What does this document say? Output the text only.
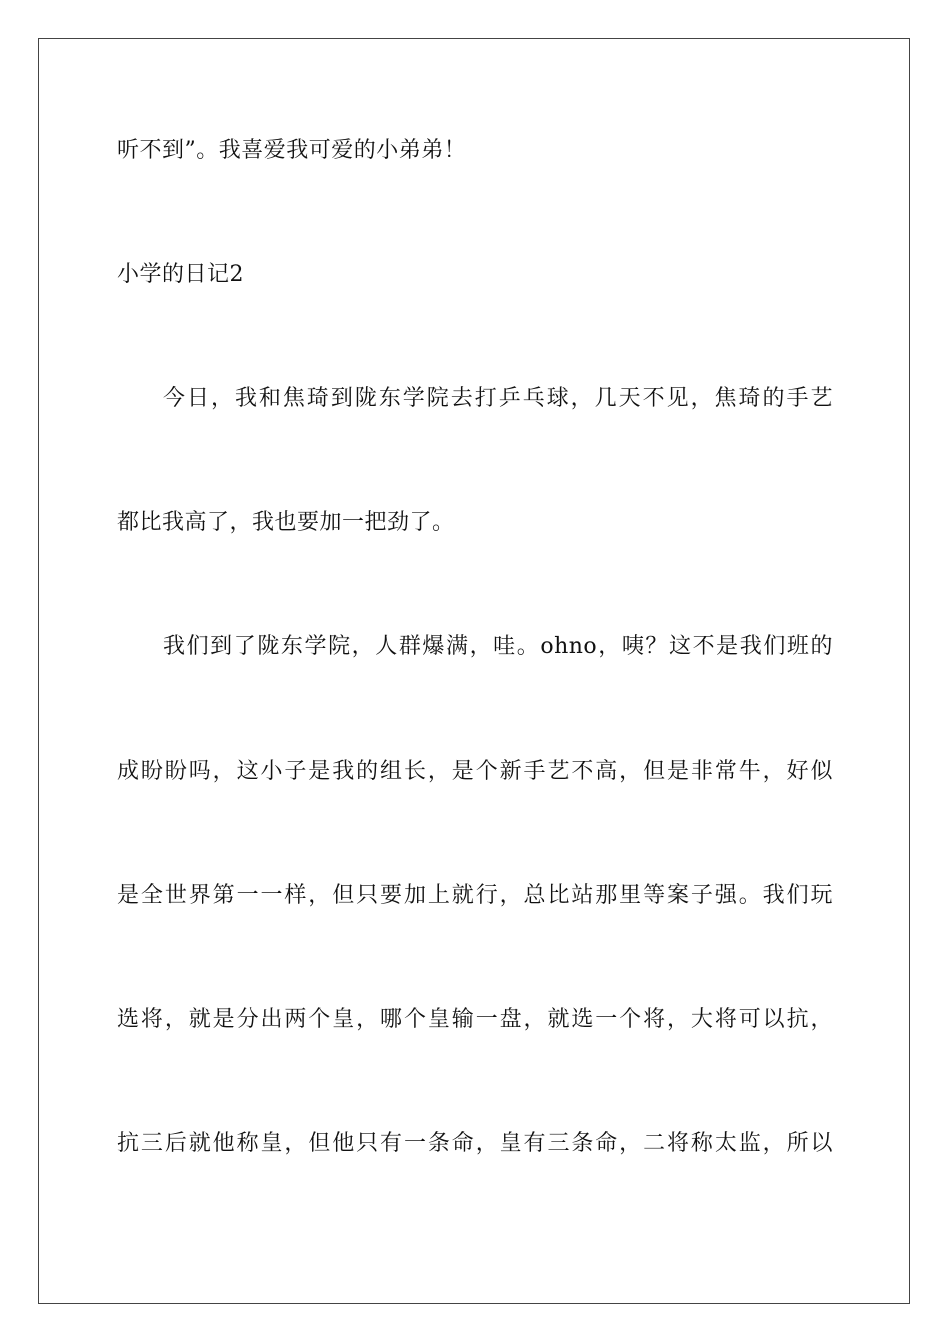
听不到”。我喜爱我可爱的小弟弟！
小学的日记2
今日，我和焦琦到陇东学院去打乒乓球，几天不见，焦琦的手艺
都比我高了，我也要加一把劲了。
我们到了陇东学院，人群爆满，哇。ohno，咦？这不是我们班的
成盼盼吗，这小子是我的组长，是个新手艺不高，但是非常牛，好似
是全世界第一一样，但只要加上就行，总比站那里等案子强。我们玩
选将，就是分出两个皇，哪个皇输一盘，就选一个将，大将可以抗，
抗三后就他称皇，但他只有一条命，皇有三条命，二将称太监，所以
